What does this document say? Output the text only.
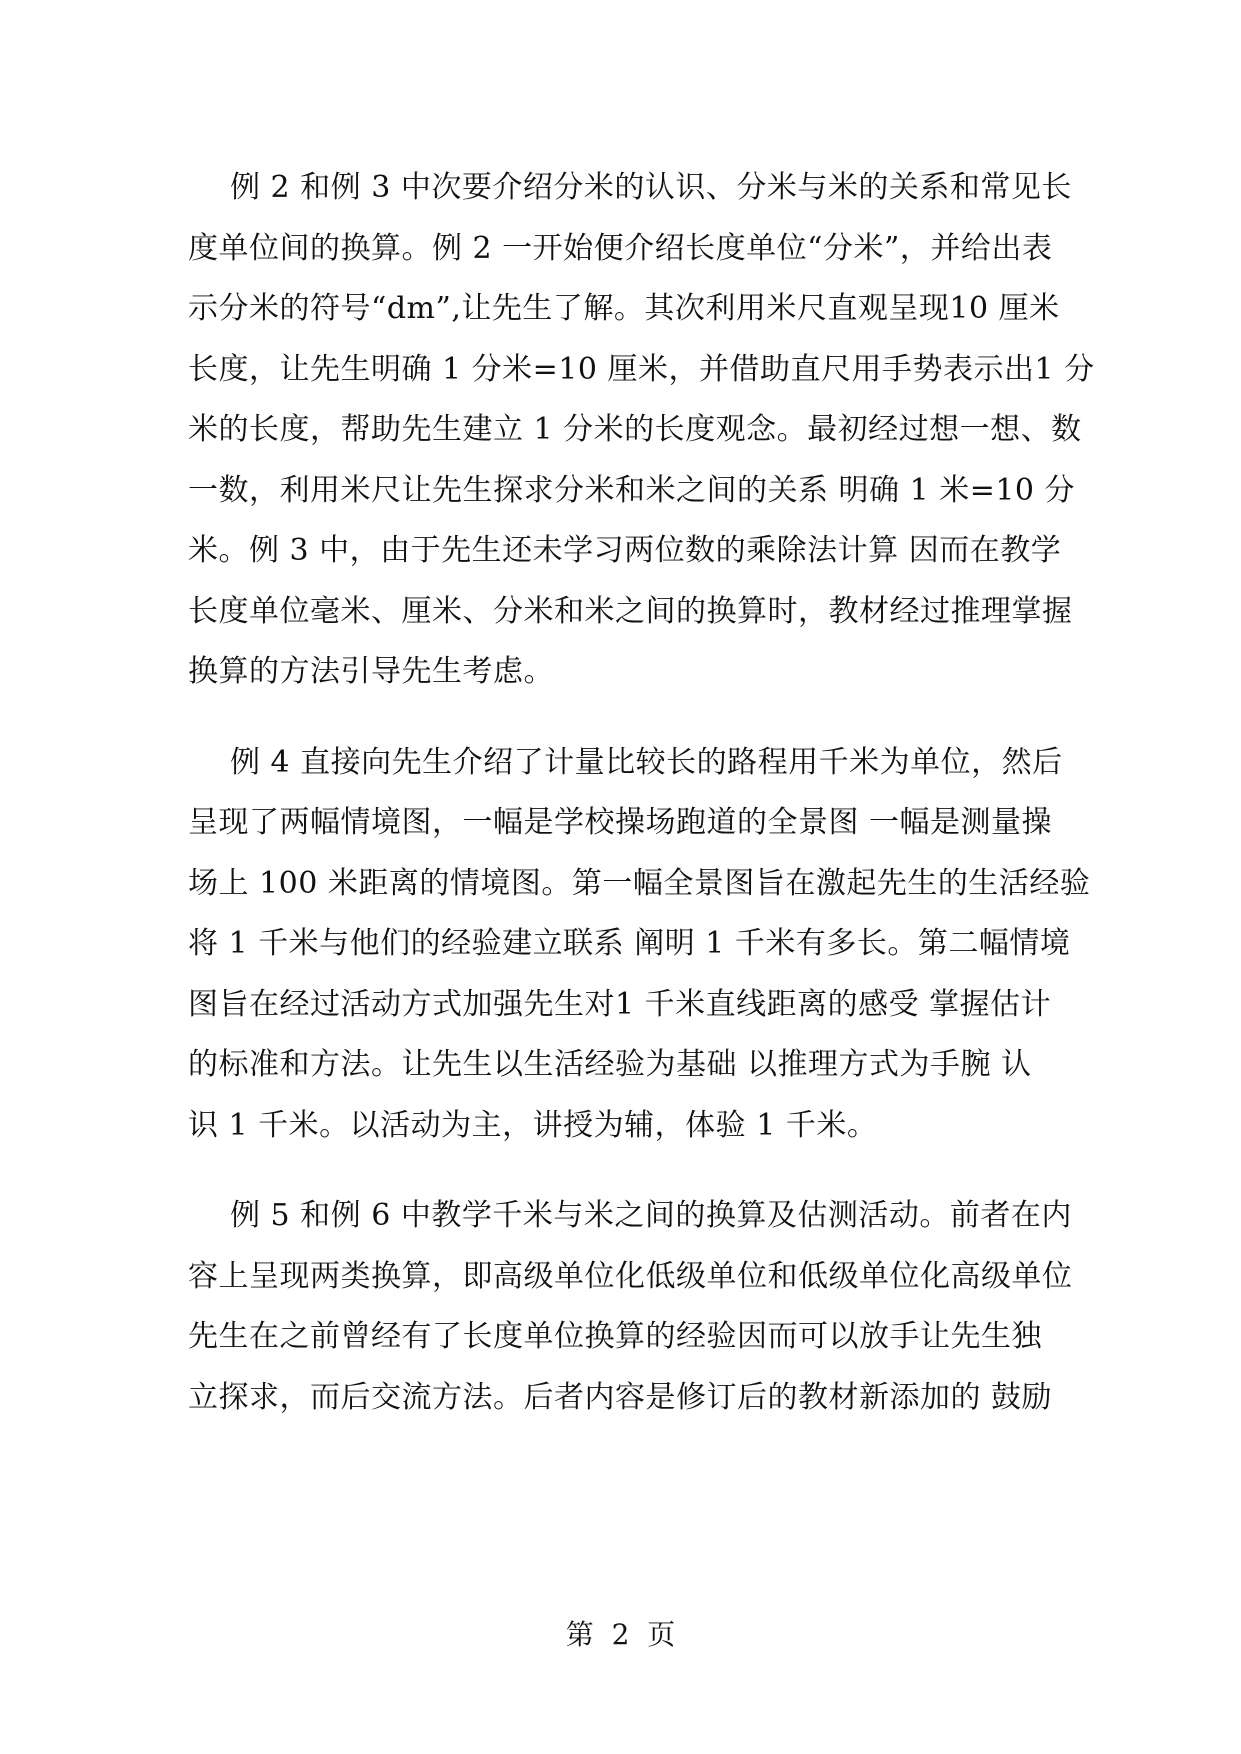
例 2 和例 3 中次要介绍分米的认识、分米与米的关系和常见长
度单位间的换算。例 2 一开始便介绍长度单位“分米”，并给出表
示分米的符号“dm”,让先生了解。其次利用米尺直观呈现10 厘米
长度，让先生明确 1 分米=10 厘米，并借助直尺用手势表示出1 分
米的长度，帮助先生建立 1 分米的长度观念。最初经过想一想、数
一数，利用米尺让先生探求分米和米之间的关系 明确 1 米=10 分
米。例 3 中，由于先生还未学习两位数的乘除法计算 因而在教学
长度单位毫米、厘米、分米和米之间的换算时，教材经过推理掌握
换算的方法引导先生考虑。

例 4 直接向先生介绍了计量比较长的路程用千米为单位，然后
呈现了两幅情境图，一幅是学校操场跑道的全景图 一幅是测量操
场上 100 米距离的情境图。第一幅全景图旨在激起先生的生活经验
将 1 千米与他们的经验建立联系 阐明 1 千米有多长。第二幅情境
图旨在经过活动方式加强先生对1 千米直线距离的感受 掌握估计
的标准和方法。让先生以生活经验为基础 以推理方式为手腕 认
识 1 千米。以活动为主，讲授为辅，体验 1 千米。

例 5 和例 6 中教学千米与米之间的换算及估测活动。前者在内
容上呈现两类换算，即高级单位化低级单位和低级单位化高级单位
先生在之前曾经有了长度单位换算的经验因而可以放手让先生独
立探求，而后交流方法。后者内容是修订后的教材新添加的 鼓励

第 2 页
